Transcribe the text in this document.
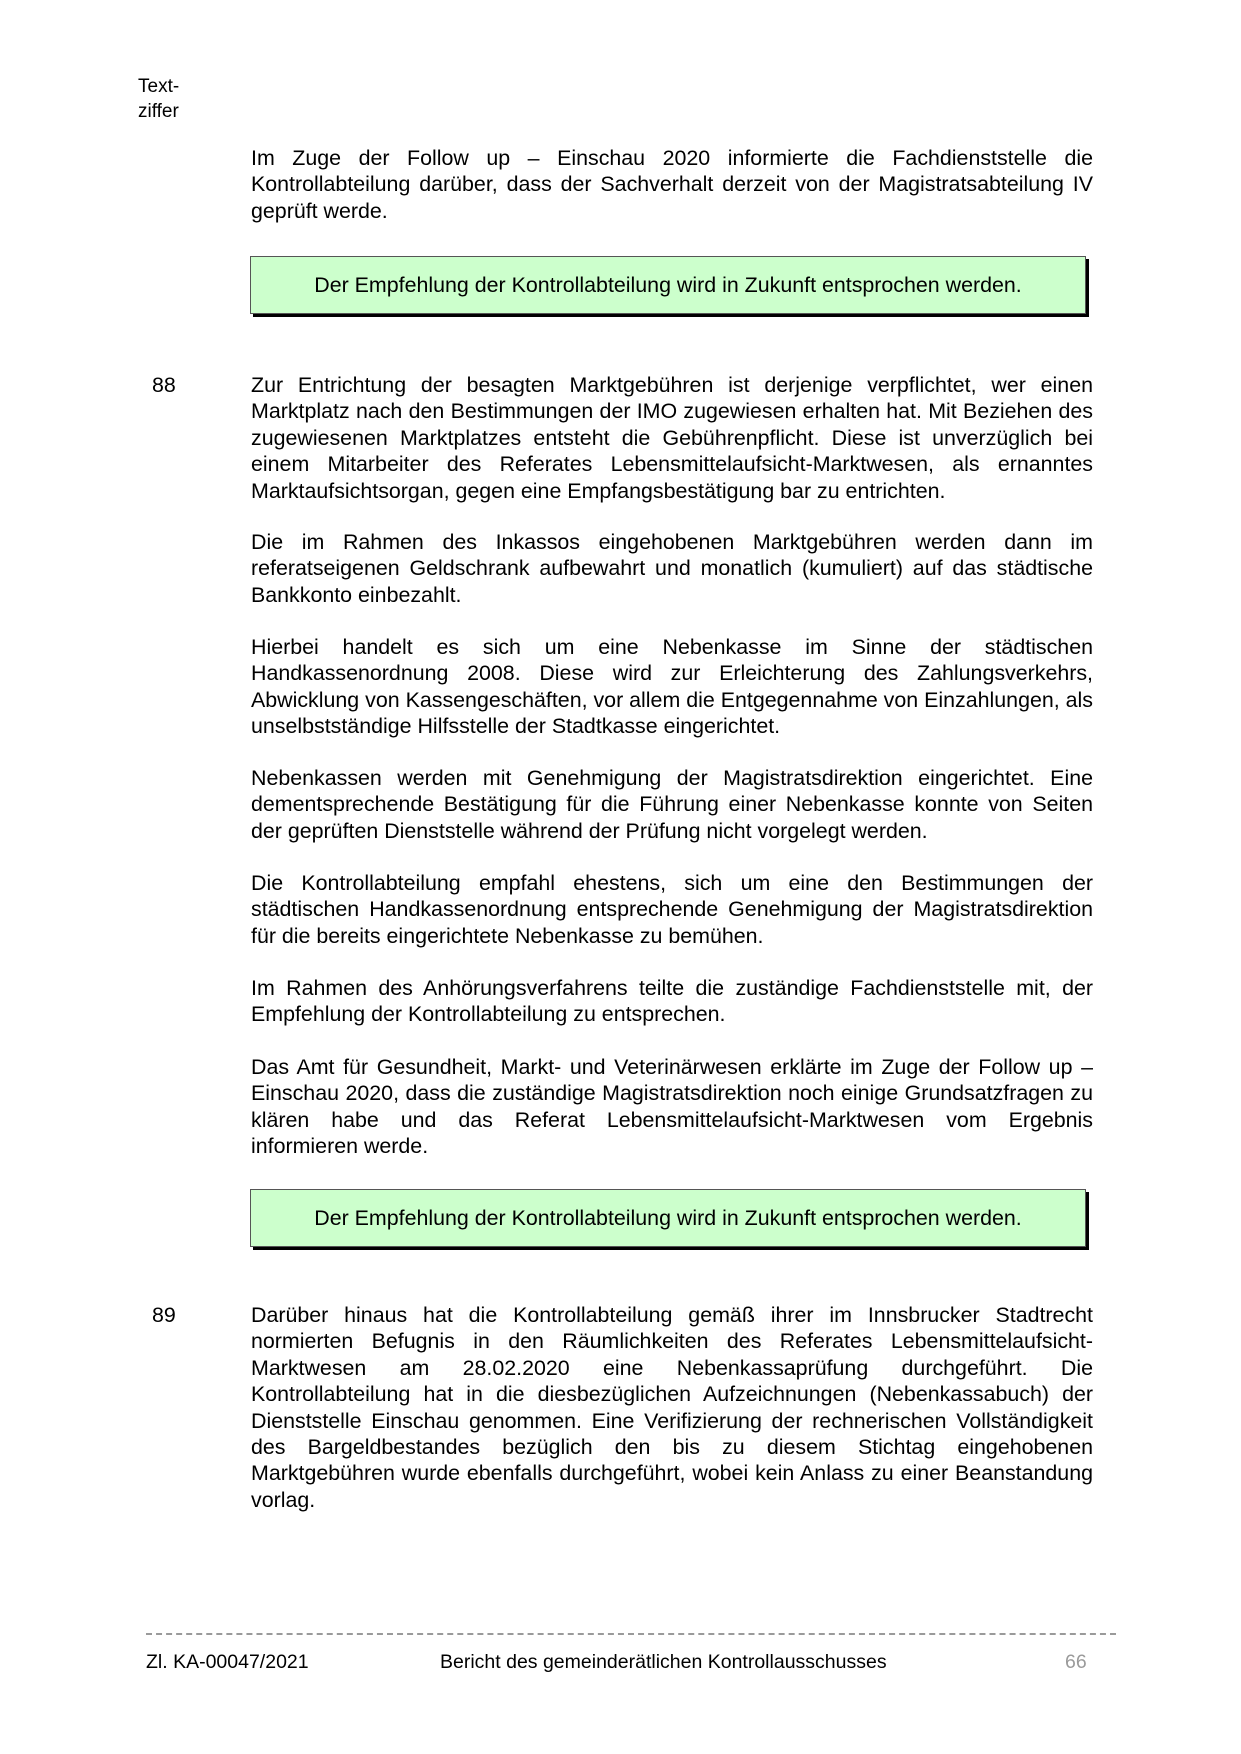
Text-
ziffer

Im Zuge der Follow up – Einschau 2020 informierte die Fachdienststelle die Kontrollabteilung darüber, dass der Sachverhalt derzeit von der Magistratsabteilung IV geprüft werde.

Der Empfehlung der Kontrollabteilung wird in Zukunft entsprochen werden.
88	Zur Entrichtung der besagten Marktgebühren ist derjenige verpflichtet, wer einen Marktplatz nach den Bestimmungen der IMO zugewiesen erhalten hat. Mit Beziehen des zugewiesenen Marktplatzes entsteht die Gebührenpflicht. Diese ist unverzüglich bei einem Mitarbeiter des Referates Lebensmittelaufsicht-Marktwesen, als ernanntes Marktaufsichtsorgan, gegen eine Empfangsbestätigung bar zu entrichten.

Die im Rahmen des Inkassos eingehobenen Marktgebühren werden dann im referatseigenen Geldschrank aufbewahrt und monatlich (kumuliert) auf das städtische Bankkonto einbezahlt.

Hierbei handelt es sich um eine Nebenkasse im Sinne der städtischen Handkassenordnung 2008. Diese wird zur Erleichterung des Zahlungsverkehrs, Abwicklung von Kassengeschäften, vor allem die Entgegennahme von Einzahlungen, als unselbstständige Hilfsstelle der Stadtkasse eingerichtet.

Nebenkassen werden mit Genehmigung der Magistratsdirektion eingerichtet. Eine dementsprechende Bestätigung für die Führung einer Nebenkasse konnte von Seiten der geprüften Dienststelle während der Prüfung nicht vorgelegt werden.

Die Kontrollabteilung empfahl ehestens, sich um eine den Bestimmungen der städtischen Handkassenordnung entsprechende Genehmigung der Magistratsdirektion für die bereits eingerichtete Nebenkasse zu bemühen.

Im Rahmen des Anhörungsverfahrens teilte die zuständige Fachdienststelle mit, der Empfehlung der Kontrollabteilung zu entsprechen.

Das Amt für Gesundheit, Markt- und Veterinärwesen erklärte im Zuge der Follow up – Einschau 2020, dass die zuständige Magistratsdirektion noch einige Grundsatzfragen zu klären habe und das Referat Lebensmittelaufsicht-Marktwesen vom Ergebnis informieren werde.

Der Empfehlung der Kontrollabteilung wird in Zukunft entsprochen werden.
89	Darüber hinaus hat die Kontrollabteilung gemäß ihrer im Innsbrucker Stadtrecht normierten Befugnis in den Räumlichkeiten des Referates Lebensmittelaufsicht-Marktwesen am 28.02.2020 eine Nebenkassaprüfung durchgeführt. Die Kontrollabteilung hat in die diesbezüglichen Aufzeichnungen (Nebenkassabuch) der Dienststelle Einschau genommen. Eine Verifizierung der rechnerischen Vollständigkeit des Bargeldbestandes bezüglich den bis zu diesem Stichtag eingehobenen Marktgebühren wurde ebenfalls durchgeführt, wobei kein Anlass zu einer Beanstandung vorlag.

Zl. KA-00047/2021	Bericht des gemeinderätlichen Kontrollausschusses	66
